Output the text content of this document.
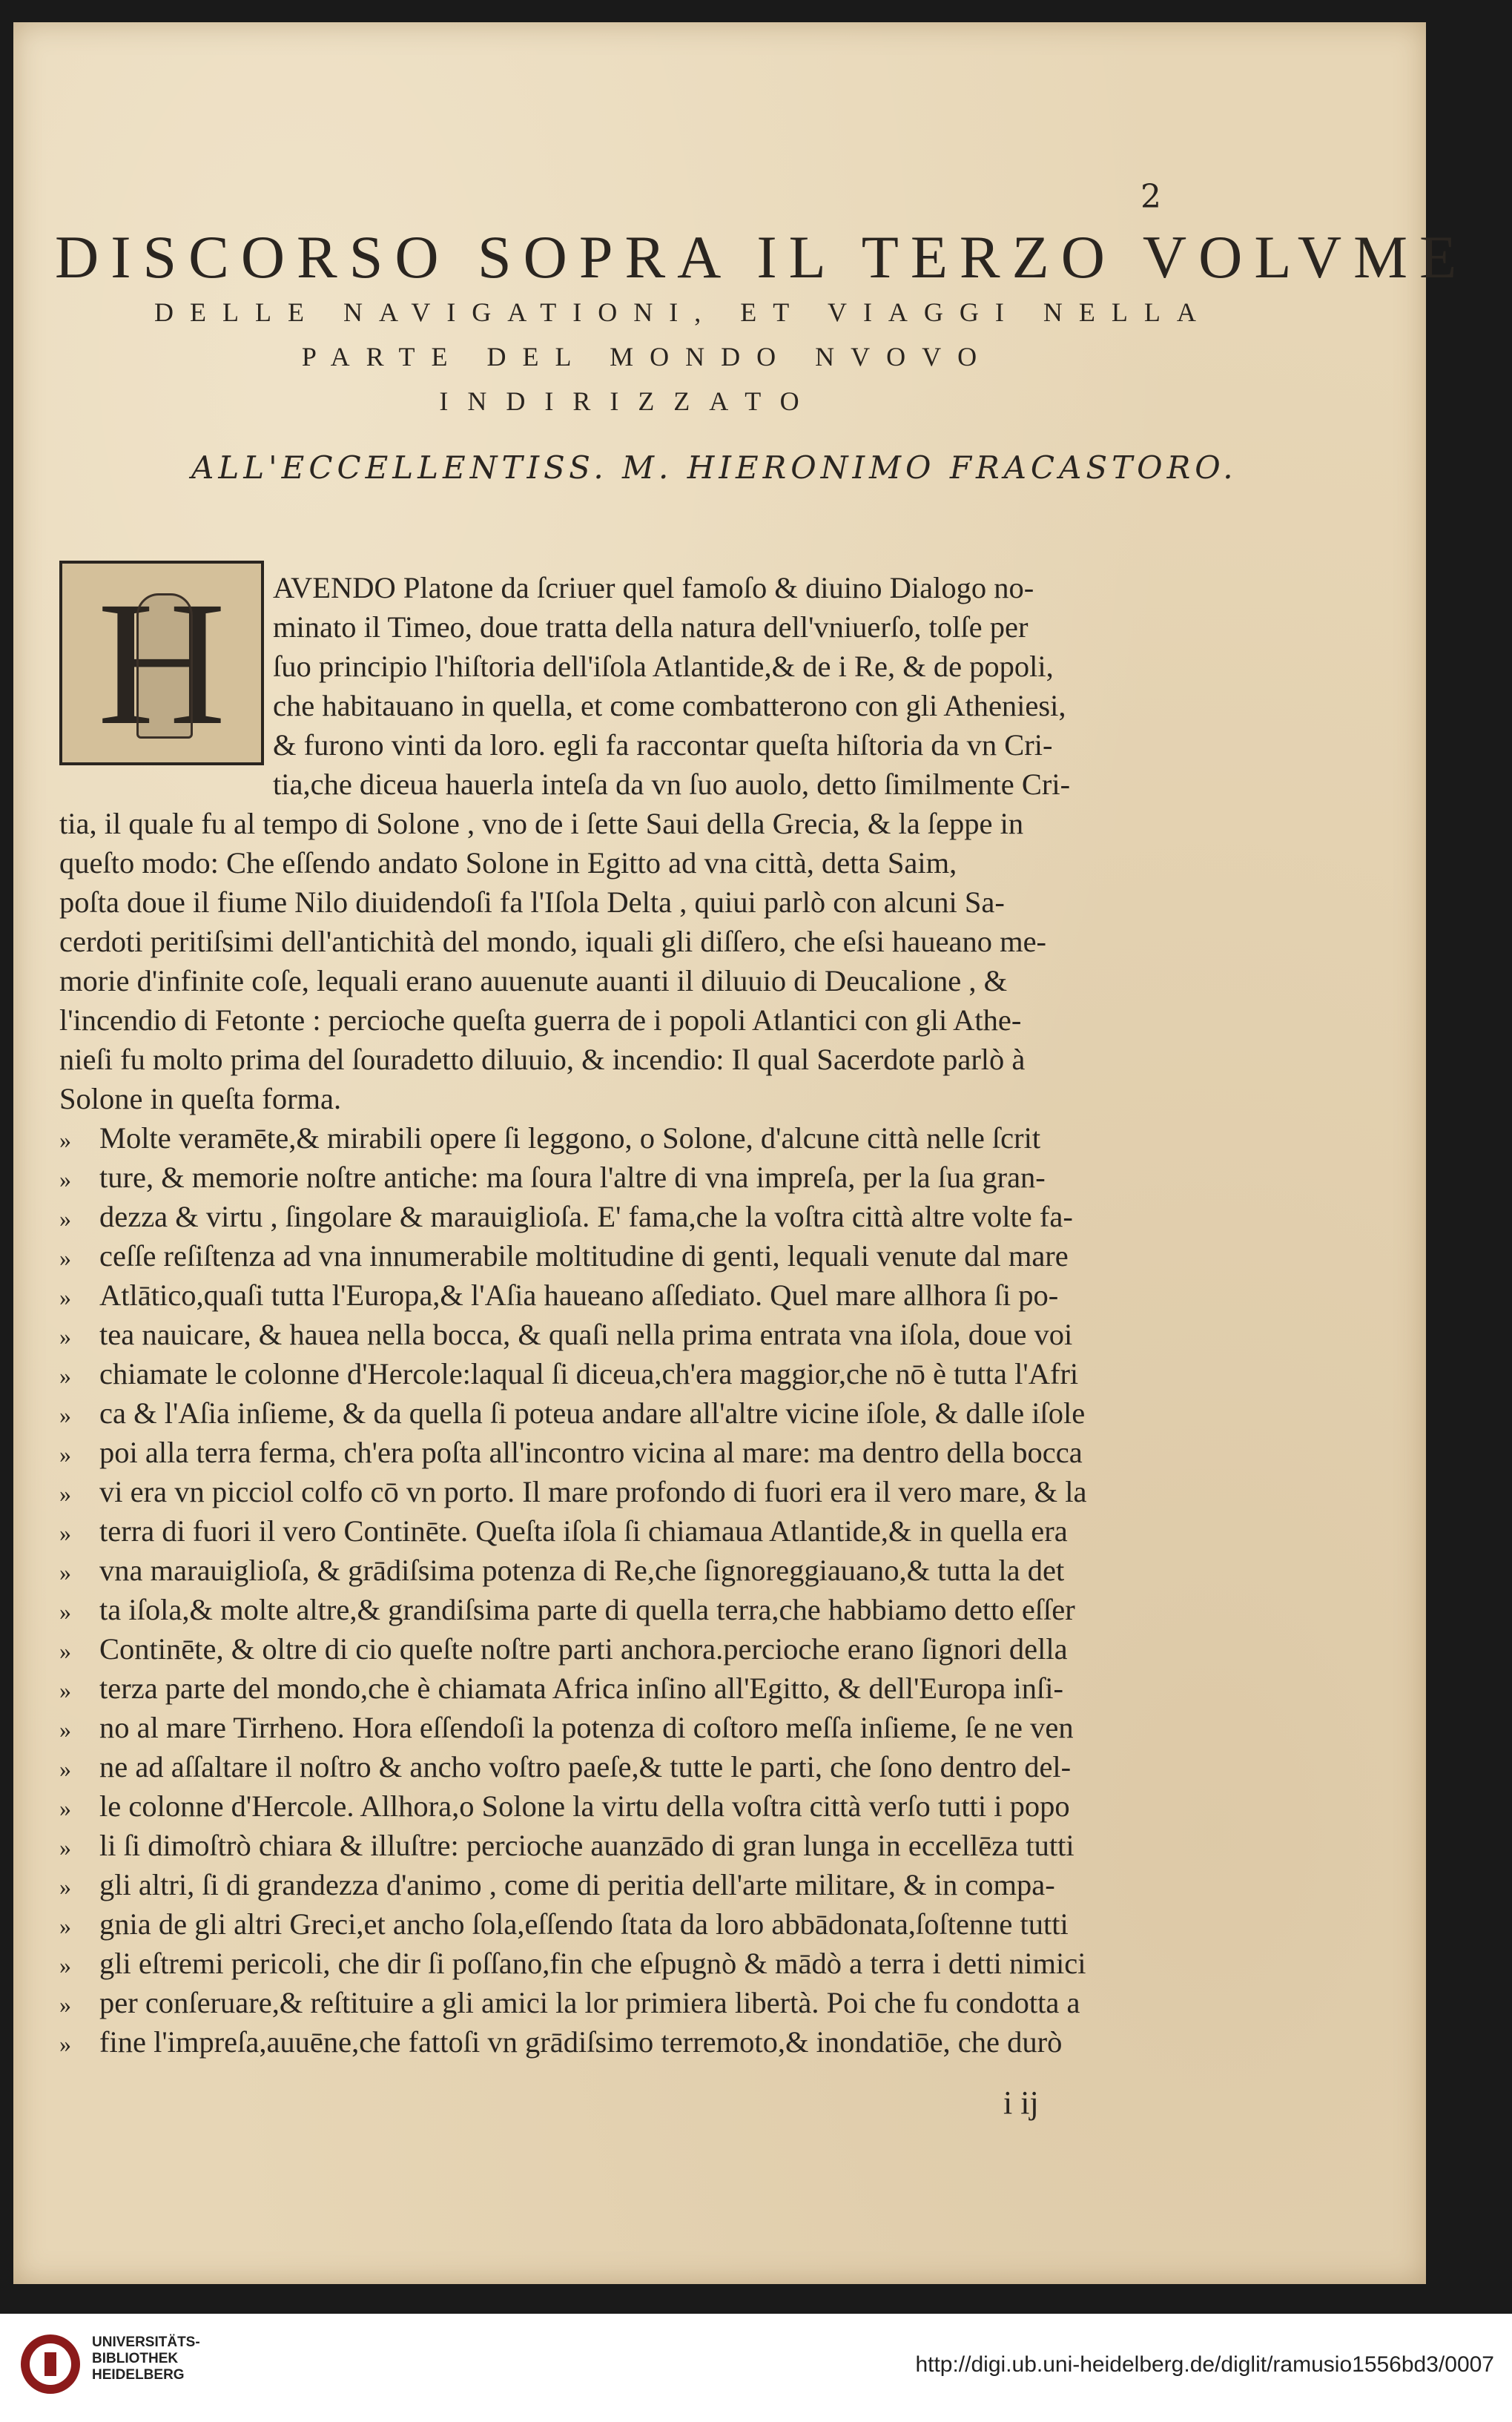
2
DISCORSO SOPRA IL TERZO VOLVME
DELLE NAVIGATIONI, ET VIAGGI NELLA
PARTE DEL MONDO NVOVO
INDIRIZZATO
ALL'ECCELLENTISS. M. HIERONIMO FRACASTORO.
H AVENDO Platone da ſcriuer quel famoſo & diuino Dialogo no-
minato il Timeo, doue tratta della natura dell'vniuerſo, tolſe per
ſuo principio l'hiſtoria dell'iſola Atlantide,& de i Re, & de popoli,
che habitauano in quella, et come combatterono con gli Atheniesi,
& furono vinti da loro. egli fa raccontar queſta hiſtoria da vn Cri-
tia,che diceua hauerla inteſa da vn ſuo auolo, detto ſimilmente Cri-
tia, il quale fu al tempo di Solone , vno de i ſette Saui della Grecia, & la ſeppe in
queſto modo: Che eſſendo andato Solone in Egitto ad vna città, detta Saim,
poſta doue il fiume Nilo diuidendoſi fa l'Iſola Delta , quiui parlò con alcuni Sa-
cerdoti peritiſsimi dell'antichità del mondo, iquali gli diſſero, che eſsi haueano me-
morie d'infinite coſe, lequali erano auuenute auanti il diluuio di Deucalione , &
l'incendio di Fetonte : percioche queſta guerra de i popoli Atlantici con gli Athe-
nieſi fu molto prima del ſouradetto diluuio, & incendio: Il qual Sacerdote parlò à
Solone in queſta forma.
» Molte veramēte,& mirabili opere ſi leggono, o Solone, d'alcune città nelle ſcrit
» ture, & memorie noſtre antiche: ma ſoura l'altre di vna impreſa, per la ſua gran-
» dezza & virtu , ſingolare & marauiglioſa. E' fama,che la voſtra città altre volte fa-
» ceſſe reſiſtenza ad vna innumerabile moltitudine di genti, lequali venute dal mare
» Atlātico,quaſi tutta l'Europa,& l'Aſia haueano aſſediato. Quel mare allhora ſi po-
» tea nauicare, & hauea nella bocca, & quaſi nella prima entrata vna iſola, doue voi
» chiamate le colonne d'Hercole:laqual ſi diceua,ch'era maggior,che nō è tutta l'Afri
» ca & l'Aſia inſieme, & da quella ſi poteua andare all'altre vicine iſole, & dalle iſole
» poi alla terra ferma, ch'era poſta all'incontro vicina al mare: ma dentro della bocca
» vi era vn picciol colfo cō vn porto. Il mare profondo di fuori era il vero mare, & la
» terra di fuori il vero Continēte. Queſta iſola ſi chiamaua Atlantide,& in quella era
» vna marauiglioſa, & grādiſsima potenza di Re,che ſignoreggiauano,& tutta la det
» ta iſola,& molte altre,& grandiſsima parte di quella terra,che habbiamo detto eſſer
» Continēte, & oltre di cio queſte noſtre parti anchora.percioche erano ſignori della
» terza parte del mondo,che è chiamata Africa inſino all'Egitto, & dell'Europa inſi-
» no al mare Tirrheno. Hora eſſendoſi la potenza di coſtoro meſſa inſieme, ſe ne ven
» ne ad aſſaltare il noſtro & ancho voſtro paeſe,& tutte le parti, che ſono dentro del-
» le colonne d'Hercole. Allhora,o Solone la virtu della voſtra città verſo tutti i popo
» li ſi dimoſtrò chiara & illuſtre: percioche auanzādo di gran lunga in eccellēza tutti
» gli altri, ſi di grandezza d'animo , come di peritia dell'arte militare, & in compa-
» gnia de gli altri Greci,et ancho ſola,eſſendo ſtata da loro abbādonata,ſoſtenne tutti
» gli eſtremi pericoli, che dir ſi poſſano,fin che eſpugnò & mādò a terra i detti nimici
» per conſeruare,& reſtituire a gli amici la lor primiera libertà. Poi che fu condotta a
» fine l'impreſa,auuēne,che fattoſi vn grādiſsimo terremoto,& inondatiōe, che durò
i ij
UNIVERSITÄTS-
BIBLIOTHEK
HEIDELBERG	http://digi.ub.uni-heidelberg.de/diglit/ramusio1556bd3/0007
